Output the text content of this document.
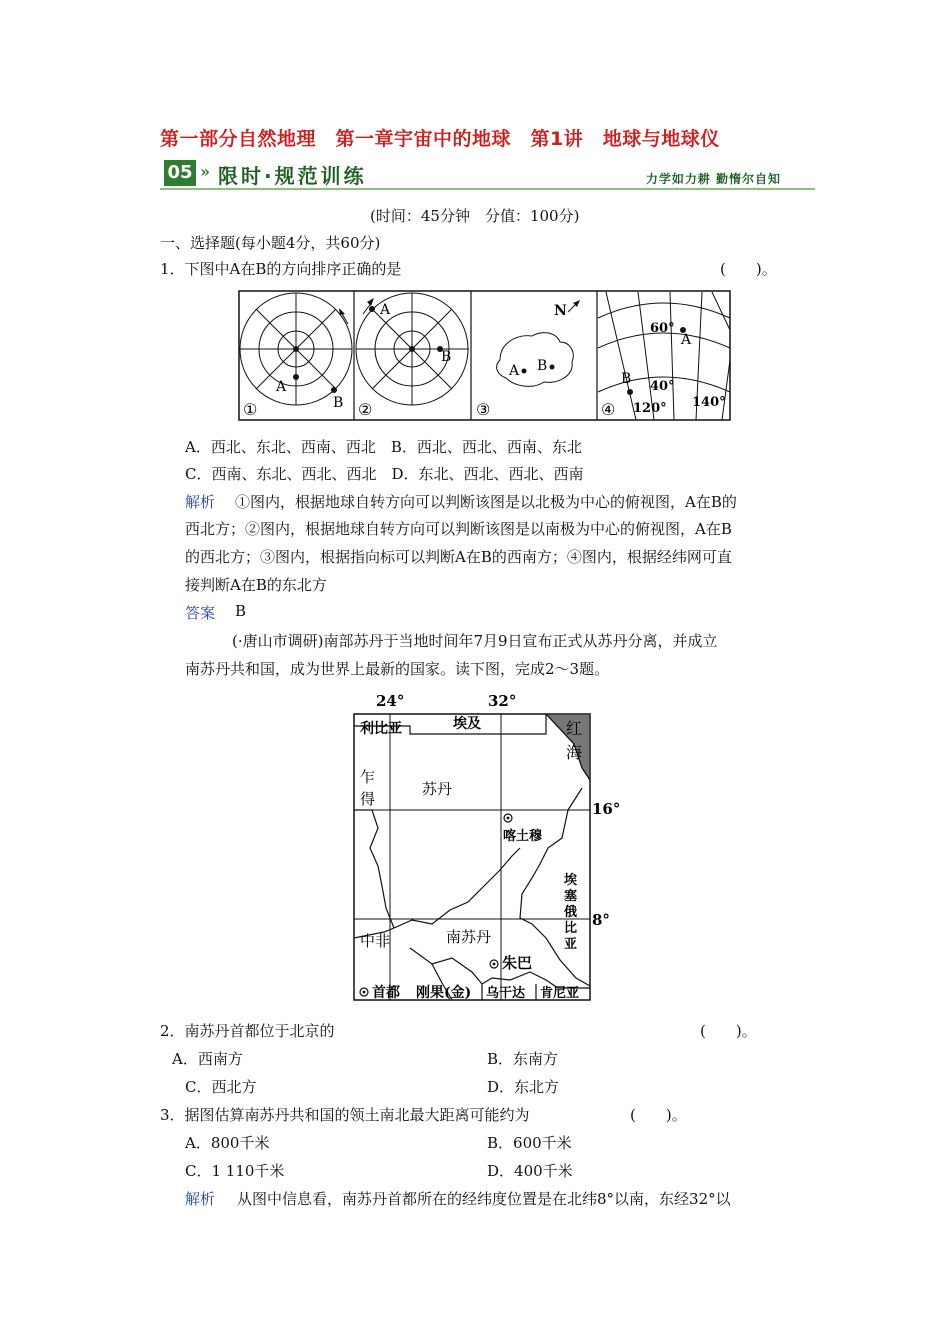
第一部分自然地理　第一章宇宙中的地球　第1讲　地球与地球仪
05 » 限时·规范训练	力学如力耕 勤惰尔自知
(时间：45分钟　分值：100分)
一、选择题(每小题4分，共60分)
1．下图中A在B的方向排序正确的是	(　　)。
A
B
①
A
B
②
N
A B
③
60°
A
B 40°
120° 140°
④
A．西北、东北、西南、西北　B．西北、西北、西南、东北
C．西南、东北、西北、西北　D．东北、西北、西北、西南
解析 ①图内，根据地球自转方向可以判断该图是以北极为中心的俯视图，A在B的
西北方；②图内，根据地球自转方向可以判断该图是以南极为中心的俯视图，A在B
的西北方；③图内，根据指向标可以判断A在B的西南方；④图内，根据经纬网可直
接判断A在B的东北方
答案 B
(·唐山市调研)南部苏丹于当地时间年7月9日宣布正式从苏丹分离，并成立
南苏丹共和国，成为世界上最新的国家。读下图，完成2～3题。
24°	32°
利比亚	埃及	红
海
16°
乍
得
苏丹
喀土穆
埃
塞
俄
比
亚
8°
中非	南苏丹
朱巴
首都 刚果(金) 乌干达 肯尼亚
2．南苏丹首都位于北京的	(　　)。
A．西南方	B．东南方
C．西北方	D．东北方
3．据图估算南苏丹共和国的领土南北最大距离可能约为	(　　)。
A．800千米	B．600千米
C．1 110千米	D．400千米
解析 从图中信息看，南苏丹首都所在的经纬度位置是在北纬8°以南，东经32°以
